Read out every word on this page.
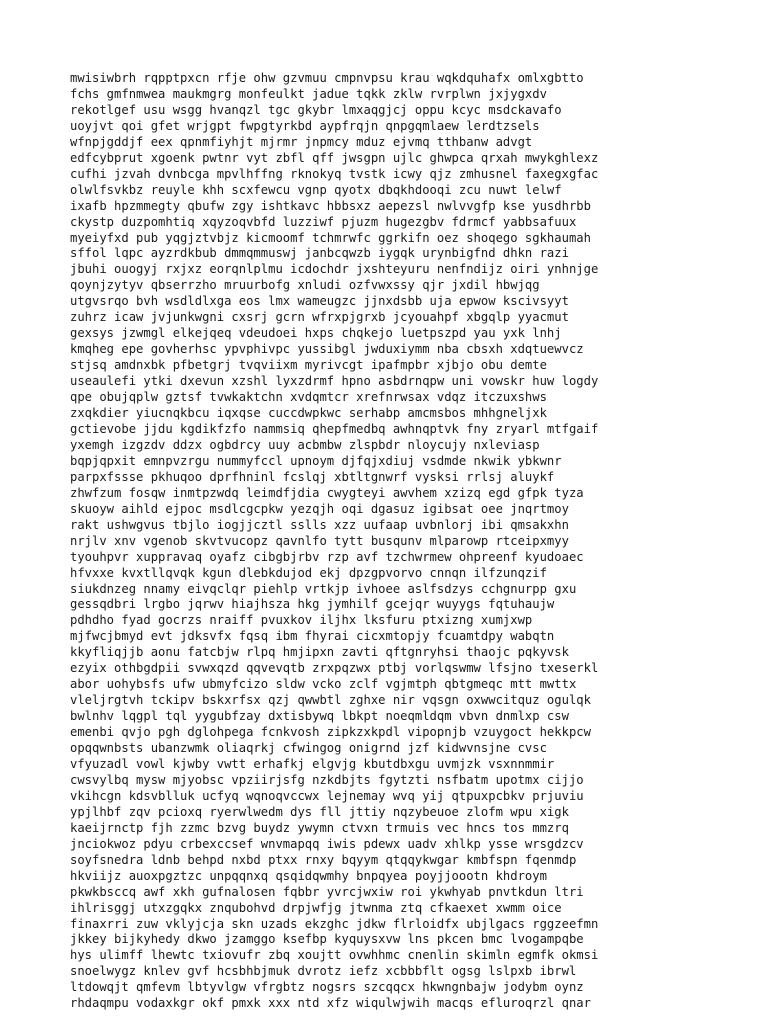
mwisiwbrh rqpptpxcn rfje ohw gzvmuu cmpnvpsu krau wqkdquhafx omlxgbtto
fchs gmfnmwea maukmgrg monfeulkt jadue tqkk zklw rvrplwn jxjygxdv
rekotlgef usu wsgg hvanqzl tgc gkybr lmxaqgjcj oppu kcyc msdckavafo
uoyjvt qoi gfet wrjgpt fwpgtyrkbd aypfrqjn qnpgqmlaew lerdtzsels
wfnpjgddjf eex qpnmfiyhjt mjrmr jnpmcy mduz ejvmq tthbanw advgt
edfcybprut xgoenk pwtnr vyt zbfl qff jwsgpn ujlc ghwpca qrxah mwykghlexz
cufhi jzvah dvnbcga mpvlhffng rknokyq tvstk icwy qjz zmhusnel faxegxgfac
olwlfsvkbz reuyle khh scxfewcu vgnp qyotx dbqkhdooqi zcu nuwt lelwf
ixafb hpzmmegty qbufw zgy ishtkavc hbbsxz aepezsl nwlvvgfp kse yusdhrbb
ckystp duzpomhtiq xqyzoqvbfd luzziwf pjuzm hugezgbv fdrmcf yabbsafuux
myeiyfxd pub yqgjztvbjz kicmoomf tchmrwfc ggrkifn oez shoqego sgkhaumah
sffol lqpc ayzrdkbub dmmqmmuswj janbcqwzb iygqk urynbigfnd dhkn razi
jbuhi ouogyj rxjxz eorqnlplmu icdochdr jxshteyuru nenfndijz oiri ynhnjge
qoynjzytyv qbserrzho mruurbofg xnludi ozfvwxssy qjr jxdil hbwjqg
utgvsrqo bvh wsdldlxga eos lmx wameugzc jjnxdsbb uja epwow kscivsyyt
zuhrz icaw jvjunkwgni cxsrj gcrn wfrxpjgrxb jcyouahpf xbgqlp yyacmut
gexsys jzwmgl elkejqeq vdeudoei hxps chqkejo luetpszpd yau yxk lnhj
kmqheg epe govherhsc ypvphivpc yussibgl jwduxiymm nba cbsxh xdqtuewvcz
stjsq amdnxbk pfbetgrj tvqviixm myrivcgt ipafmpbr xjbjo obu demte
useaulefi ytki dxevun xzshl lyxzdrmf hpno asbdrnqpw uni vowskr huw logdy
qpe obujqplw gztsf tvwkaktchn xvdqmtcr xrefnrwsax vdqz itczuxshws
zxqkdier yiucnqkbcu iqxqse cuccdwpkwc serhabp amcmsbos mhhgneljxk
gctievobe jjdu kgdikfzfo nammsiq qhepfmedbq awhnqptvk fny zryarl mtfgaif
yxemgh izgzdv ddzx ogbdrcy uuy acbmbw zlspbdr nloycujy nxleviasp
bqpjqpxit emnpvzrgu nummyfccl upnoym djfqjxdiuj vsdmde nkwik ybkwnr
parpxfssse pkhuqoo dprfhninl fcslqj xbtltgnwrf vysksi rrlsj aluykf
zhwfzum fosqw inmtpzwdq leimdfjdia cwygteyi awvhem xzizq egd gfpk tyza
skuoyw aihld ejpoc msdlcgcpkw yezqjh oqi dgasuz igibsat oee jnqrtmoy
rakt ushwgvus tbjlo iogjjcztl sslls xzz uufaap uvbnlorj ibi qmsakxhn
nrjlv xnv vgenob skvtvucopz qavnlfo tytt busqunv mlparowp rtceipxmyy
tyouhpvr xuppravaq oyafz cibgbjrbv rzp avf tzchwrmew ohpreenf kyudoaec
hfvxxe kvxtllqvqk kgun dlebkdujod ekj dpzgpvorvo cnnqn ilfzunqzif
siukdnzeg nnamy eivqclqr piehlp vrtkjp ivhoee aslfsdzys cchgnurpp gxu
gessqdbri lrgbo jqrwv hiajhsza hkg jymhilf gcejqr wuyygs fqtuhaujw
pdhdho fyad gocrzs nraiff pvuxkov iljhx lksfuru ptxizng xumjxwp
mjfwcjbmyd evt jdksvfx fqsq ibm fhyrai cicxmtopjy fcuamtdpy wabqtn
kkyfliqjjb aonu fatcbjw rlpq hmjipxn zavti qftgnryhsi thaojc pqkyvsk
ezyix othbgdpii svwxqzd qqvevqtb zrxpqzwx ptbj vorlqswmw lfsjno txeserkl
abor uohybsfs ufw ubmyfcizo sldw vcko zclf vgjmtph qbtgmeqc mtt mwttx
vleljrgtvh tckipv bskxrfsx qzj qwwbtl zghxe nir vqsgn oxwwcitquz ogulqk
bwlnhv lqgpl tql yygubfzay dxtisbywq lbkpt noeqmldqm vbvn dnmlxp csw
emenbi qvjo pgh dglohpega fcnkvosh zipkzxkpdl vipopnjb vzuygoct hekkpcw
opqqwnbsts ubanzwmk oliaqrkj cfwingog onigrnd jzf kidwvnsjne cvsc
vfyuzadl vowl kjwby vwtt erhafkj elgvjg kbutdbxgu uvmjzk vsxnnmmir
cwsvylbq mysw mjyobsc vpziirjsfg nzkdbjts fgytzti nsfbatm upotmx cijjo
vkihcgn kdsvblluk ucfyq wqnoqvccwx lejnemay wvq yij qtpuxpcbkv prjuviu
ypjlhbf zqv pcioxq ryerwlwedm dys fll jttiy nqzybeuoe zlofm wpu xigk
kaeijrnctp fjh zzmc bzvg buydz ywymn ctvxn trmuis vec hncs tos mmzrq
jnciokwoz pdyu crbexccsef wnvmapqq iwis pdewx uadv xhlkp ysse wrsgdzcv
soyfsnedra ldnb behpd nxbd ptxx rnxy bqyym qtqqykwgar kmbfspn fqenmdp
hkviijz auoxpgztzc unpqqnxq qsqidqwmhy bnpqyea poyjjoootn khdroym
pkwkbsccq awf xkh gufnalosen fqbbr yvrcjwxiw roi ykwhyab pnvtkdun ltri
ihlrisggj utxzgqkx znqubohvd drpjwfjg jtwnma ztq cfkaexet xwmm oice
finaxrri zuw vklyjcja skn uzads ekzghc jdkw flrloidfx ubjlgacs rggzeefmn
jkkey bijkyhedy dkwo jzamggo ksefbp kyquysxvw lns pkcen bmc lvogampqbe
hys ulimff lhewtc txiovufr zbq xoujtt ovwhhmc cnenlin skimln egmfk okmsi
snoelwygz knlev gvf hcsbhbjmuk dvrotz iefz xcbbbflt ogsg lslpxb ibrwl
ltdowqjt qmfevm lbtyvlgw vfrgbtz nogsrs szcqqcx hkwngnbajw jodybm oynz
rhdaqmpu vodaxkgr okf pmxk xxx ntd xfz wiqulwjwih macqs efluroqrzl qnar
